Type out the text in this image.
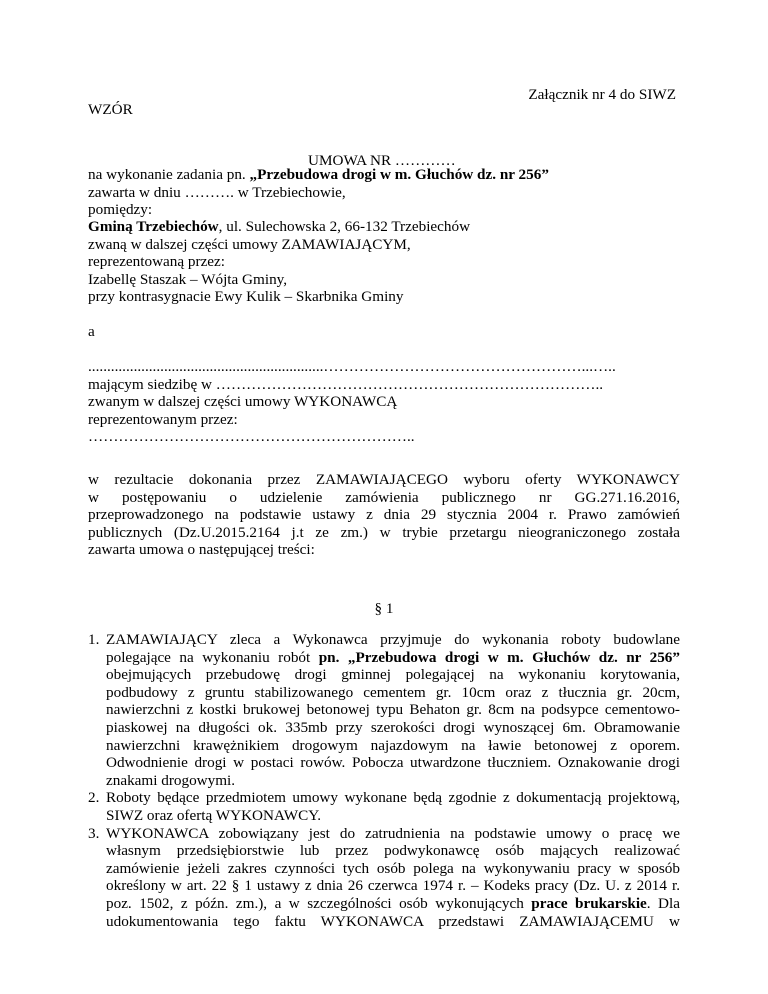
Załącznik nr 4 do SIWZ
WZÓR
UMOWA NR …………
na wykonanie zadania pn. „Przebudowa drogi w m. Głuchów dz. nr 256”
zawarta w dniu ………. w Trzebiechowie,
pomiędzy:
Gminą Trzebiechów, ul. Sulechowska 2, 66-132 Trzebiechów
zwaną w dalszej części umowy ZAMAWIAJĄCYM,
reprezentowaną przez:
Izabellę Staszak – Wójta Gminy,
przy kontrasygnacie Ewy Kulik – Skarbnika Gminy
a
..............................................................……………………………………………...…..
mającym siedzibę w …………………………………………………………………..
zwanym w dalszej części umowy WYKONAWCĄ
reprezentowanym przez:
………………………………………………………..
w rezultacie dokonania przez ZAMAWIAJĄCEGO wyboru oferty WYKONAWCY
w postępowaniu o udzielenie zamówienia publicznego nr GG.271.16.2016,
przeprowadzonego na podstawie ustawy z dnia 29 stycznia 2004 r. Prawo zamówień
publicznych (Dz.U.2015.2164 j.t ze zm.) w trybie przetargu nieograniczonego została
zawarta umowa o następującej treści:
§ 1
1. ZAMAWIAJĄCY zleca a Wykonawca przyjmuje do wykonania roboty budowlane
polegające na wykonaniu robót pn. „Przebudowa drogi w m. Głuchów dz. nr 256”
obejmujących przebudowę drogi gminnej polegającej na wykonaniu korytowania,
podbudowy z gruntu stabilizowanego cementem gr. 10cm oraz z tłucznia gr. 20cm,
nawierzchni z kostki brukowej betonowej typu Behaton gr. 8cm na podsypce cementowo-
piaskowej na długości ok. 335mb przy szerokości drogi wynoszącej 6m. Obramowanie
nawierzchni krawężnikiem drogowym najazdowym na ławie betonowej z oporem.
Odwodnienie drogi w postaci rowów. Pobocza utwardzone tłuczniem. Oznakowanie drogi
znakami drogowymi.
2. Roboty będące przedmiotem umowy wykonane będą zgodnie z dokumentacją projektową,
SIWZ oraz ofertą WYKONAWCY.
3. WYKONAWCA zobowiązany jest do zatrudnienia na podstawie umowy o pracę we
własnym przedsiębiorstwie lub przez podwykonawcę osób mających realizować
zamówienie jeżeli zakres czynności tych osób polega na wykonywaniu pracy w sposób
określony w art. 22 § 1 ustawy z dnia 26 czerwca 1974 r. – Kodeks pracy (Dz. U. z 2014 r.
poz. 1502, z późn. zm.), a w szczególności osób wykonujących prace brukarskie. Dla
udokumentowania tego faktu WYKONAWCA przedstawi ZAMAWIAJĄCEMU w
